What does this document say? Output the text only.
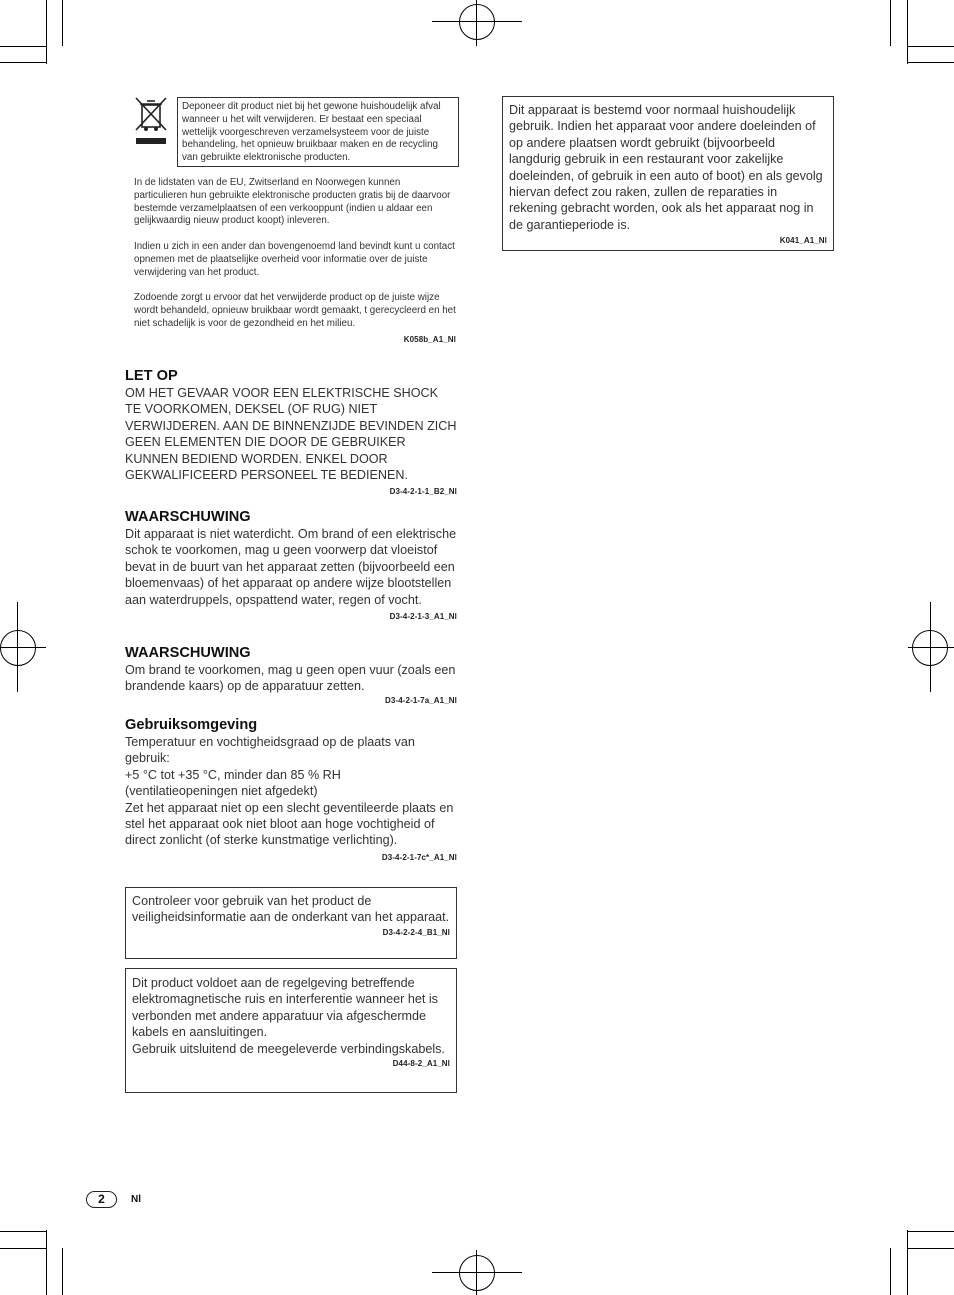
Deponeer dit product niet bij het gewone huishoudelijk afval wanneer u het wilt verwijderen. Er bestaat een speciaal wettelijk voorgeschreven verzamelsysteem voor de juiste behandeling, het opnieuw bruikbaar maken en de recycling van gebruikte elektronische producten.

In de lidstaten van de EU, Zwitserland en Noorwegen kunnen particulieren hun gebruikte elektronische producten gratis bij de daarvoor bestemde verzamelplaatsen of een verkooppunt (indien u aldaar een gelijkwaardig nieuw product koopt) inleveren.

Indien u zich in een ander dan bovengenoemd land bevindt kunt u contact opnemen met de plaatselijke overheid voor informatie over de juiste verwijdering van het product.

Zodoende zorgt u ervoor dat het verwijderde product op de juiste wijze wordt behandeld, opnieuw bruikbaar wordt gemaakt, t gerecycleerd en het niet schadelijk is voor de gezondheid en het milieu.

K058b_A1_Nl
LET OP

OM HET GEVAAR VOOR EEN ELEKTRISCHE SHOCK TE VOORKOMEN, DEKSEL (OF RUG) NIET VERWIJDEREN. AAN DE BINNENZIJDE BEVINDEN ZICH GEEN ELEMENTEN DIE DOOR DE GEBRUIKER KUNNEN BEDIEND WORDEN. ENKEL DOOR GEKWALIFICEERD PERSONEEL TE BEDIENEN.

D3-4-2-1-1_B2_Nl
WAARSCHUWING

Dit apparaat is niet waterdicht. Om brand of een elektrische schok te voorkomen, mag u geen voorwerp dat vloeistof bevat in de buurt van het apparaat zetten (bijvoorbeeld een bloemenvaas) of het apparaat op andere wijze blootstellen aan waterdruppels, opspattend water, regen of vocht.

D3-4-2-1-3_A1_Nl
WAARSCHUWING

Om brand te voorkomen, mag u geen open vuur (zoals een brandende kaars) op de apparatuur zetten.

D3-4-2-1-7a_A1_Nl
Gebruiksomgeving

Temperatuur en vochtigheidsgraad op de plaats van gebruik:

+5 °C tot +35 °C, minder dan 85 % RH (ventilatieopeningen niet afgedekt)

Zet het apparaat niet op een slecht geventileerde plaats en stel het apparaat ook niet bloot aan hoge vochtigheid of direct zonlicht (of sterke kunstmatige verlichting).

D3-4-2-1-7c*_A1_Nl

Controleer voor gebruik van het product de veiligheidsinformatie aan de onderkant van het apparaat.

D3-4-2-2-4_B1_Nl

Dit product voldoet aan de regelgeving betreffende elektromagnetische ruis en interferentie wanneer het is verbonden met andere apparatuur via afgeschermde kabels en aansluitingen.

Gebruik uitsluitend de meegeleverde verbindingskabels.

D44-8-2_A1_Nl

Dit apparaat is bestemd voor normaal huishoudelijk gebruik. Indien het apparaat voor andere doeleinden of op andere plaatsen wordt gebruikt (bijvoorbeeld langdurig gebruik in een restaurant voor zakelijke doeleinden, of gebruik in een auto of boot) en als gevolg hiervan defect zou raken, zullen de reparaties in rekening gebracht worden, ook als het apparaat nog in de garantieperiode is.

K041_A1_Nl
2	Nl
